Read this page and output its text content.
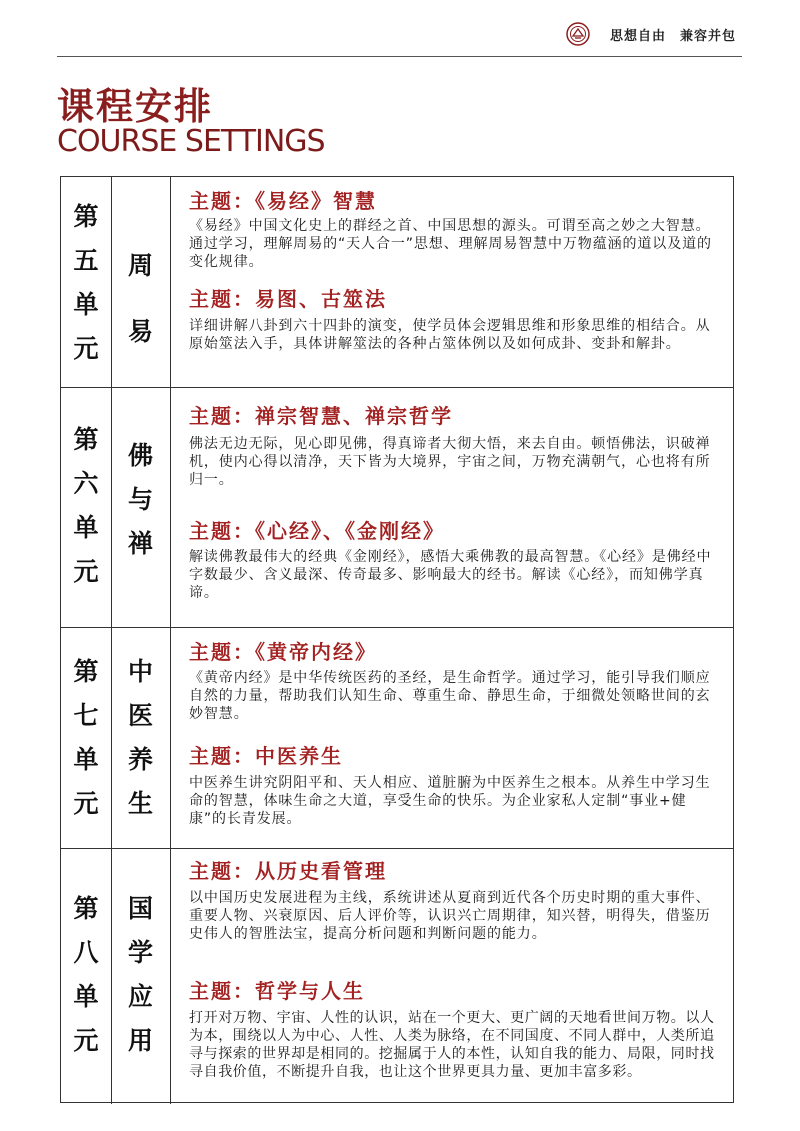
思想自由　兼容并包
课程安排
COURSE SETTINGS
第
五
单
元
周
易
主题：《易经》智慧

《易经》中国文化史上的群经之首、中国思想的源头。可谓至高之妙之大智慧。通过学习，理解周易的“天人合一”思想、理解周易智慧中万物蕴涵的道以及道的变化规律。

主题：易图、古筮法

详细讲解八卦到六十四卦的演变，使学员体会逻辑思维和形象思维的相结合。从原始筮法入手，具体讲解筮法的各种占筮体例以及如何成卦、变卦和解卦。

第
六
单
元
佛
与
禅
主题：禅宗智慧、禅宗哲学

佛法无边无际，见心即见佛，得真谛者大彻大悟，来去自由。顿悟佛法，识破禅机，使内心得以清净，天下皆为大境界，宇宙之间，万物充满朝气，心也将有所归一。

主题：《心经》、《金刚经》

解读佛教最伟大的经典《金刚经》，感悟大乘佛教的最高智慧。《心经》是佛经中字数最少、含义最深、传奇最多、影响最大的经书。解读《心经》，而知佛学真谛。

第
七
单
元
中
医
养
生
主题：《黄帝内经》

《黄帝内经》是中华传统医药的圣经，是生命哲学。通过学习，能引导我们顺应自然的力量，帮助我们认知生命、尊重生命、静思生命，于细微处领略世间的玄妙智慧。

主题：中医养生

中医养生讲究阴阳平和、天人相应、道脏腑为中医养生之根本。从养生中学习生命的智慧，体味生命之大道，享受生命的快乐。为企业家私人定制“事业+健康”的长青发展。

第
八
单
元
国
学
应
用
主题：从历史看管理

以中国历史发展进程为主线，系统讲述从夏商到近代各个历史时期的重大事件、重要人物、兴衰原因、后人评价等，认识兴亡周期律，知兴替，明得失，借鉴历史伟人的智胜法宝，提高分析问题和判断问题的能力。

主题：哲学与人生

打开对万物、宇宙、人性的认识，站在一个更大、更广阔的天地看世间万物。以人为本，围绕以人为中心、人性、人类为脉络，在不同国度、不同人群中，人类所追寻与探索的世界却是相同的。挖掘属于人的本性，认知自我的能力、局限，同时找寻自我价值，不断提升自我，也让这个世界更具力量、更加丰富多彩。
